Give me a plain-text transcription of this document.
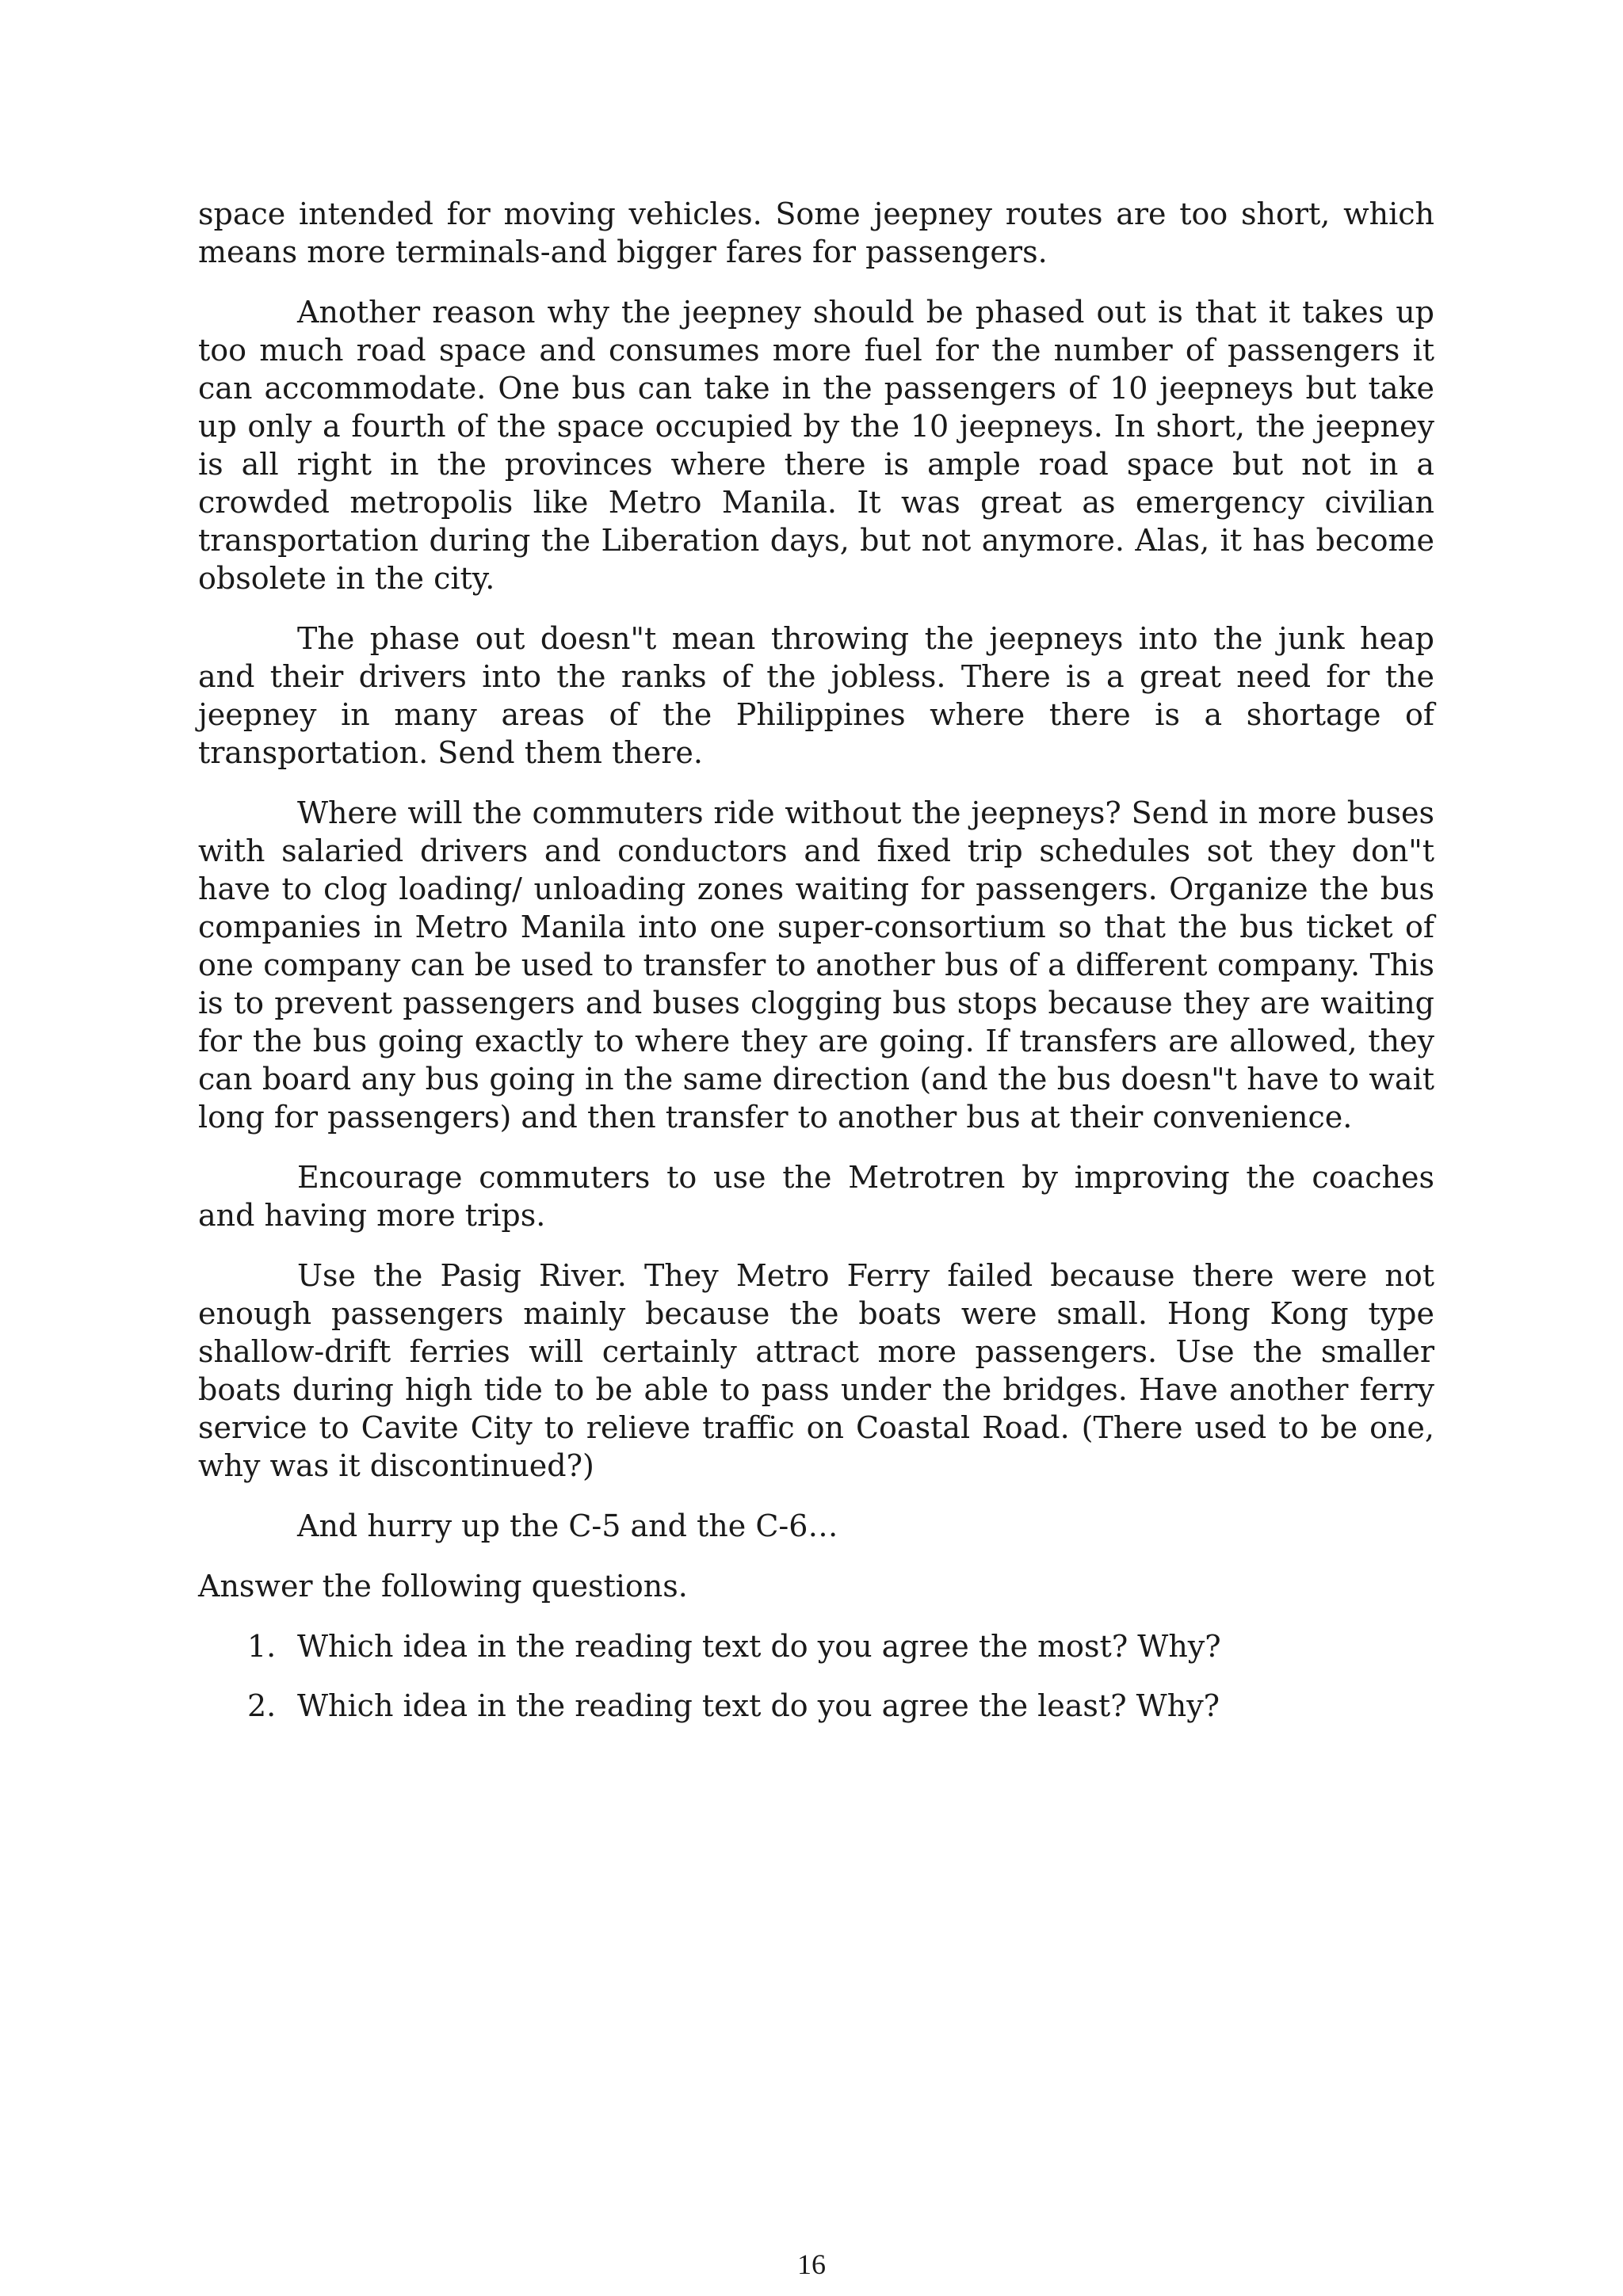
space intended for moving vehicles. Some jeepney routes are too short, which means more terminals-and bigger fares for passengers.

Another reason why the jeepney should be phased out is that it takes up too much road space and consumes more fuel for the number of passengers it can accommodate. One bus can take in the passengers of 10 jeepneys but take up only a fourth of the space occupied by the 10 jeepneys. In short, the jeepney is all right in the provinces where there is ample road space but not in a crowded metropolis like Metro Manila. It was great as emergency civilian transportation during the Liberation days, but not anymore. Alas, it has become obsolete in the city.

The phase out doesn"t mean throwing the jeepneys into the junk heap and their drivers into the ranks of the jobless. There is a great need for the jeepney in many areas of the Philippines where there is a shortage of transportation. Send them there.

Where will the commuters ride without the jeepneys? Send in more buses with salaried drivers and conductors and fixed trip schedules sot they don"t have to clog loading/ unloading zones waiting for passengers. Organize the bus companies in Metro Manila into one super-consortium so that the bus ticket of one company can be used to transfer to another bus of a different company. This is to prevent passengers and buses clogging bus stops because they are waiting for the bus going exactly to where they are going. If transfers are allowed, they can board any bus going in the same direction (and the bus doesn"t have to wait long for passengers) and then transfer to another bus at their convenience.

Encourage commuters to use the Metrotren by improving the coaches and having more trips.

Use the Pasig River. They Metro Ferry failed because there were not enough passengers mainly because the boats were small. Hong Kong type shallow-drift ferries will certainly attract more passengers. Use the smaller boats during high tide to be able to pass under the bridges. Have another ferry service to Cavite City to relieve traffic on Coastal Road. (There used to be one, why was it discontinued?)

And hurry up the C-5 and the C-6…

Answer the following questions.

1. Which idea in the reading text do you agree the most? Why?
2. Which idea in the reading text do you agree the least? Why?
16
